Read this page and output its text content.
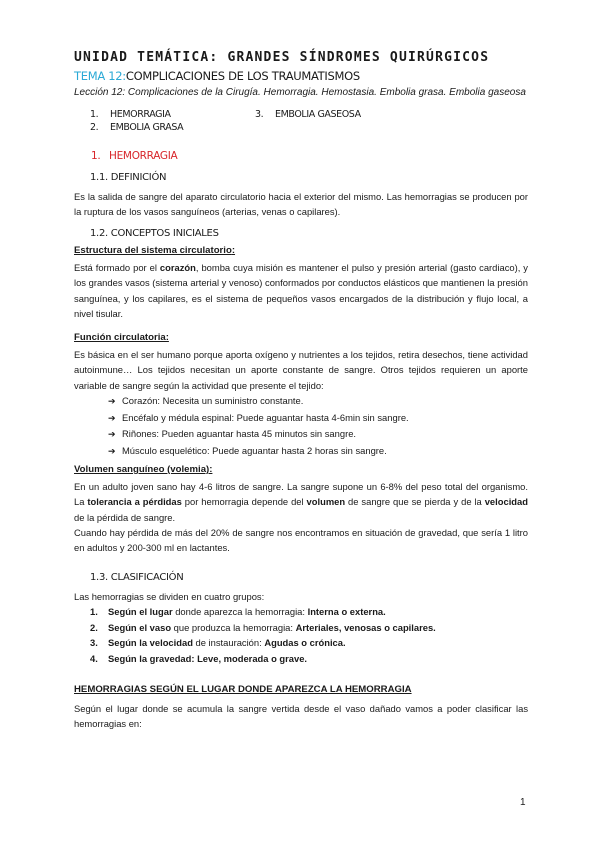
UNIDAD TEMÁTICA: GRANDES SÍNDROMES QUIRÚRGICOS
TEMA 12:COMPLICACIONES DE LOS TRAUMATISMOS
Lección 12: Complicaciones de la Cirugía. Hemorragia. Hemostasia. Embolia grasa. Embolia gaseosa
1. HEMORRAGIA
2. EMBOLIA GRASA
3. EMBOLIA GASEOSA
1. HEMORRAGIA
1.1. DEFINICIÓN

Es la salida de sangre del aparato circulatorio hacia el exterior del mismo. Las hemorragias se producen por la ruptura de los vasos sanguíneos (arterias, venas o capilares).

1.2. CONCEPTOS INICIALES
Estructura del sistema circulatorio:

Está formado por el corazón, bomba cuya misión es mantener el pulso y presión arterial (gasto cardiaco), y los grandes vasos (sistema arterial y venoso) conformados por conductos elásticos que mantienen la presión sanguínea, y los capilares, es el sistema de pequeños vasos encargados de la distribución y flujo local, a nivel tisular.

Función circulatoria:

Es básica en el ser humano porque aporta oxígeno y nutrientes a los tejidos, retira desechos, tiene actividad autoinmune… Los tejidos necesitan un aporte constante de sangre. Otros tejidos requieren un aporte variable de sangre según la actividad que presente el tejido:

➔ Corazón: Necesita un suministro constante.
➔ Encéfalo y médula espinal: Puede aguantar hasta 4-6min sin sangre.
➔ Riñones: Pueden aguantar hasta 45 minutos sin sangre.
➔ Músculo esquelético: Puede aguantar hasta 2 horas sin sangre.
Volumen sanguíneo (volemia):

En un adulto joven sano hay 4-6 litros de sangre. La sangre supone un 6-8% del peso total del organismo. La tolerancia a pérdidas por hemorragia depende del volumen de sangre que se pierda y de la velocidad de la pérdida de sangre.

Cuando hay pérdida de más del 20% de sangre nos encontramos en situación de gravedad, que sería 1 litro en adultos y 200-300 ml en lactantes.

1.3. CLASIFICACIÓN

Las hemorragias se dividen en cuatro grupos:

1. Según el lugar donde aparezca la hemorragia: Interna o externa.
2. Según el vaso que produzca la hemorragia: Arteriales, venosas o capilares.
3. Según la velocidad de instauración: Agudas o crónica.
4. Según la gravedad: Leve, moderada o grave.
HEMORRAGIAS SEGÚN EL LUGAR DONDE APAREZCA LA HEMORRAGIA

Según el lugar donde se acumula la sangre vertida desde el vaso dañado vamos a poder clasificar las hemorragias en:

1
